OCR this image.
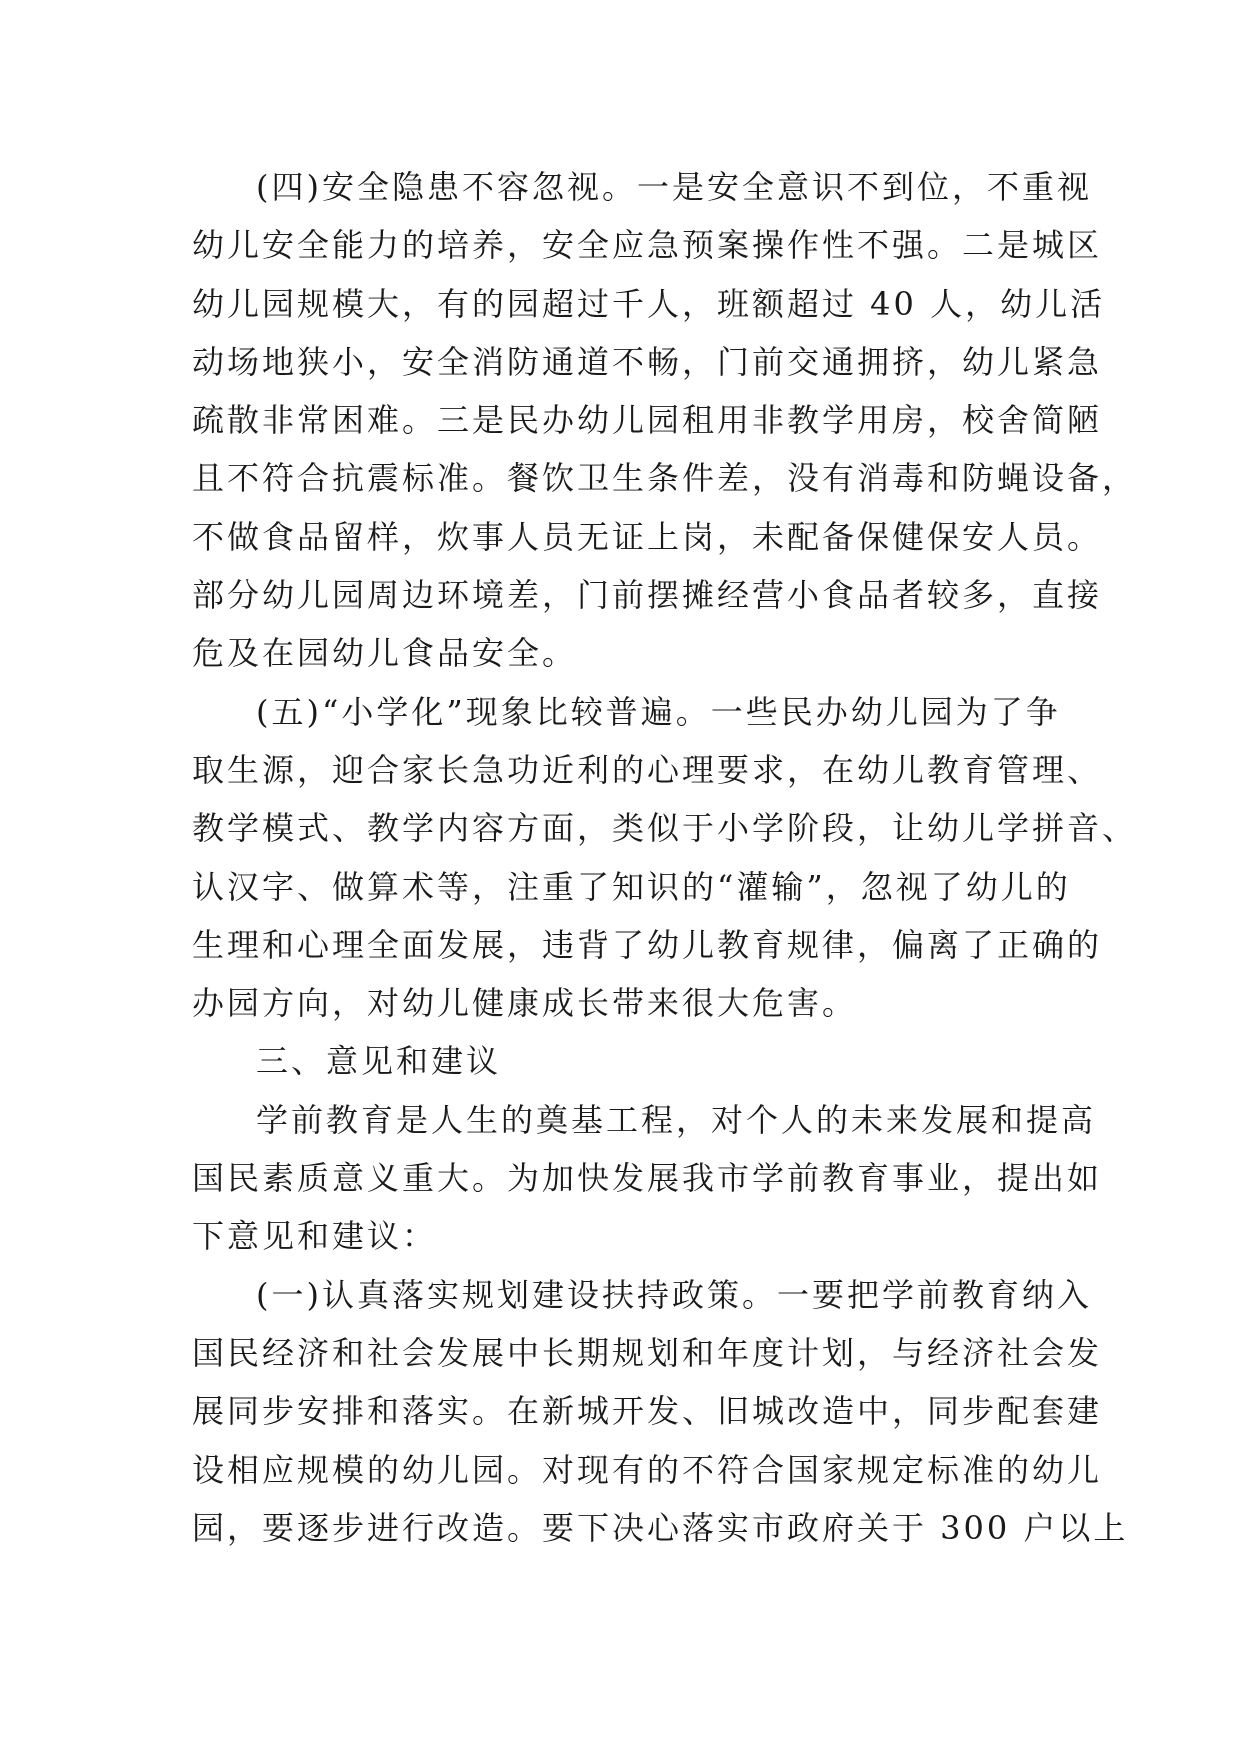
(四)安全隐患不容忽视。一是安全意识不到位，不重视
幼儿安全能力的培养，安全应急预案操作性不强。二是城区
幼儿园规模大，有的园超过千人，班额超过 40 人，幼儿活
动场地狭小，安全消防通道不畅，门前交通拥挤，幼儿紧急
疏散非常困难。三是民办幼儿园租用非教学用房，校舍简陋
且不符合抗震标准。餐饮卫生条件差，没有消毒和防蝇设备，
不做食品留样，炊事人员无证上岗，未配备保健保安人员。
部分幼儿园周边环境差，门前摆摊经营小食品者较多，直接
危及在园幼儿食品安全。
(五)“小学化”现象比较普遍。一些民办幼儿园为了争
取生源，迎合家长急功近利的心理要求，在幼儿教育管理、
教学模式、教学内容方面，类似于小学阶段，让幼儿学拼音、
认汉字、做算术等，注重了知识的“灌输”，忽视了幼儿的
生理和心理全面发展，违背了幼儿教育规律，偏离了正确的
办园方向，对幼儿健康成长带来很大危害。
三、意见和建议
学前教育是人生的奠基工程，对个人的未来发展和提高
国民素质意义重大。为加快发展我市学前教育事业，提出如
下意见和建议：
(一)认真落实规划建设扶持政策。一要把学前教育纳入
国民经济和社会发展中长期规划和年度计划，与经济社会发
展同步安排和落实。在新城开发、旧城改造中，同步配套建
设相应规模的幼儿园。对现有的不符合国家规定标准的幼儿
园，要逐步进行改造。要下决心落实市政府关于 300 户以上
